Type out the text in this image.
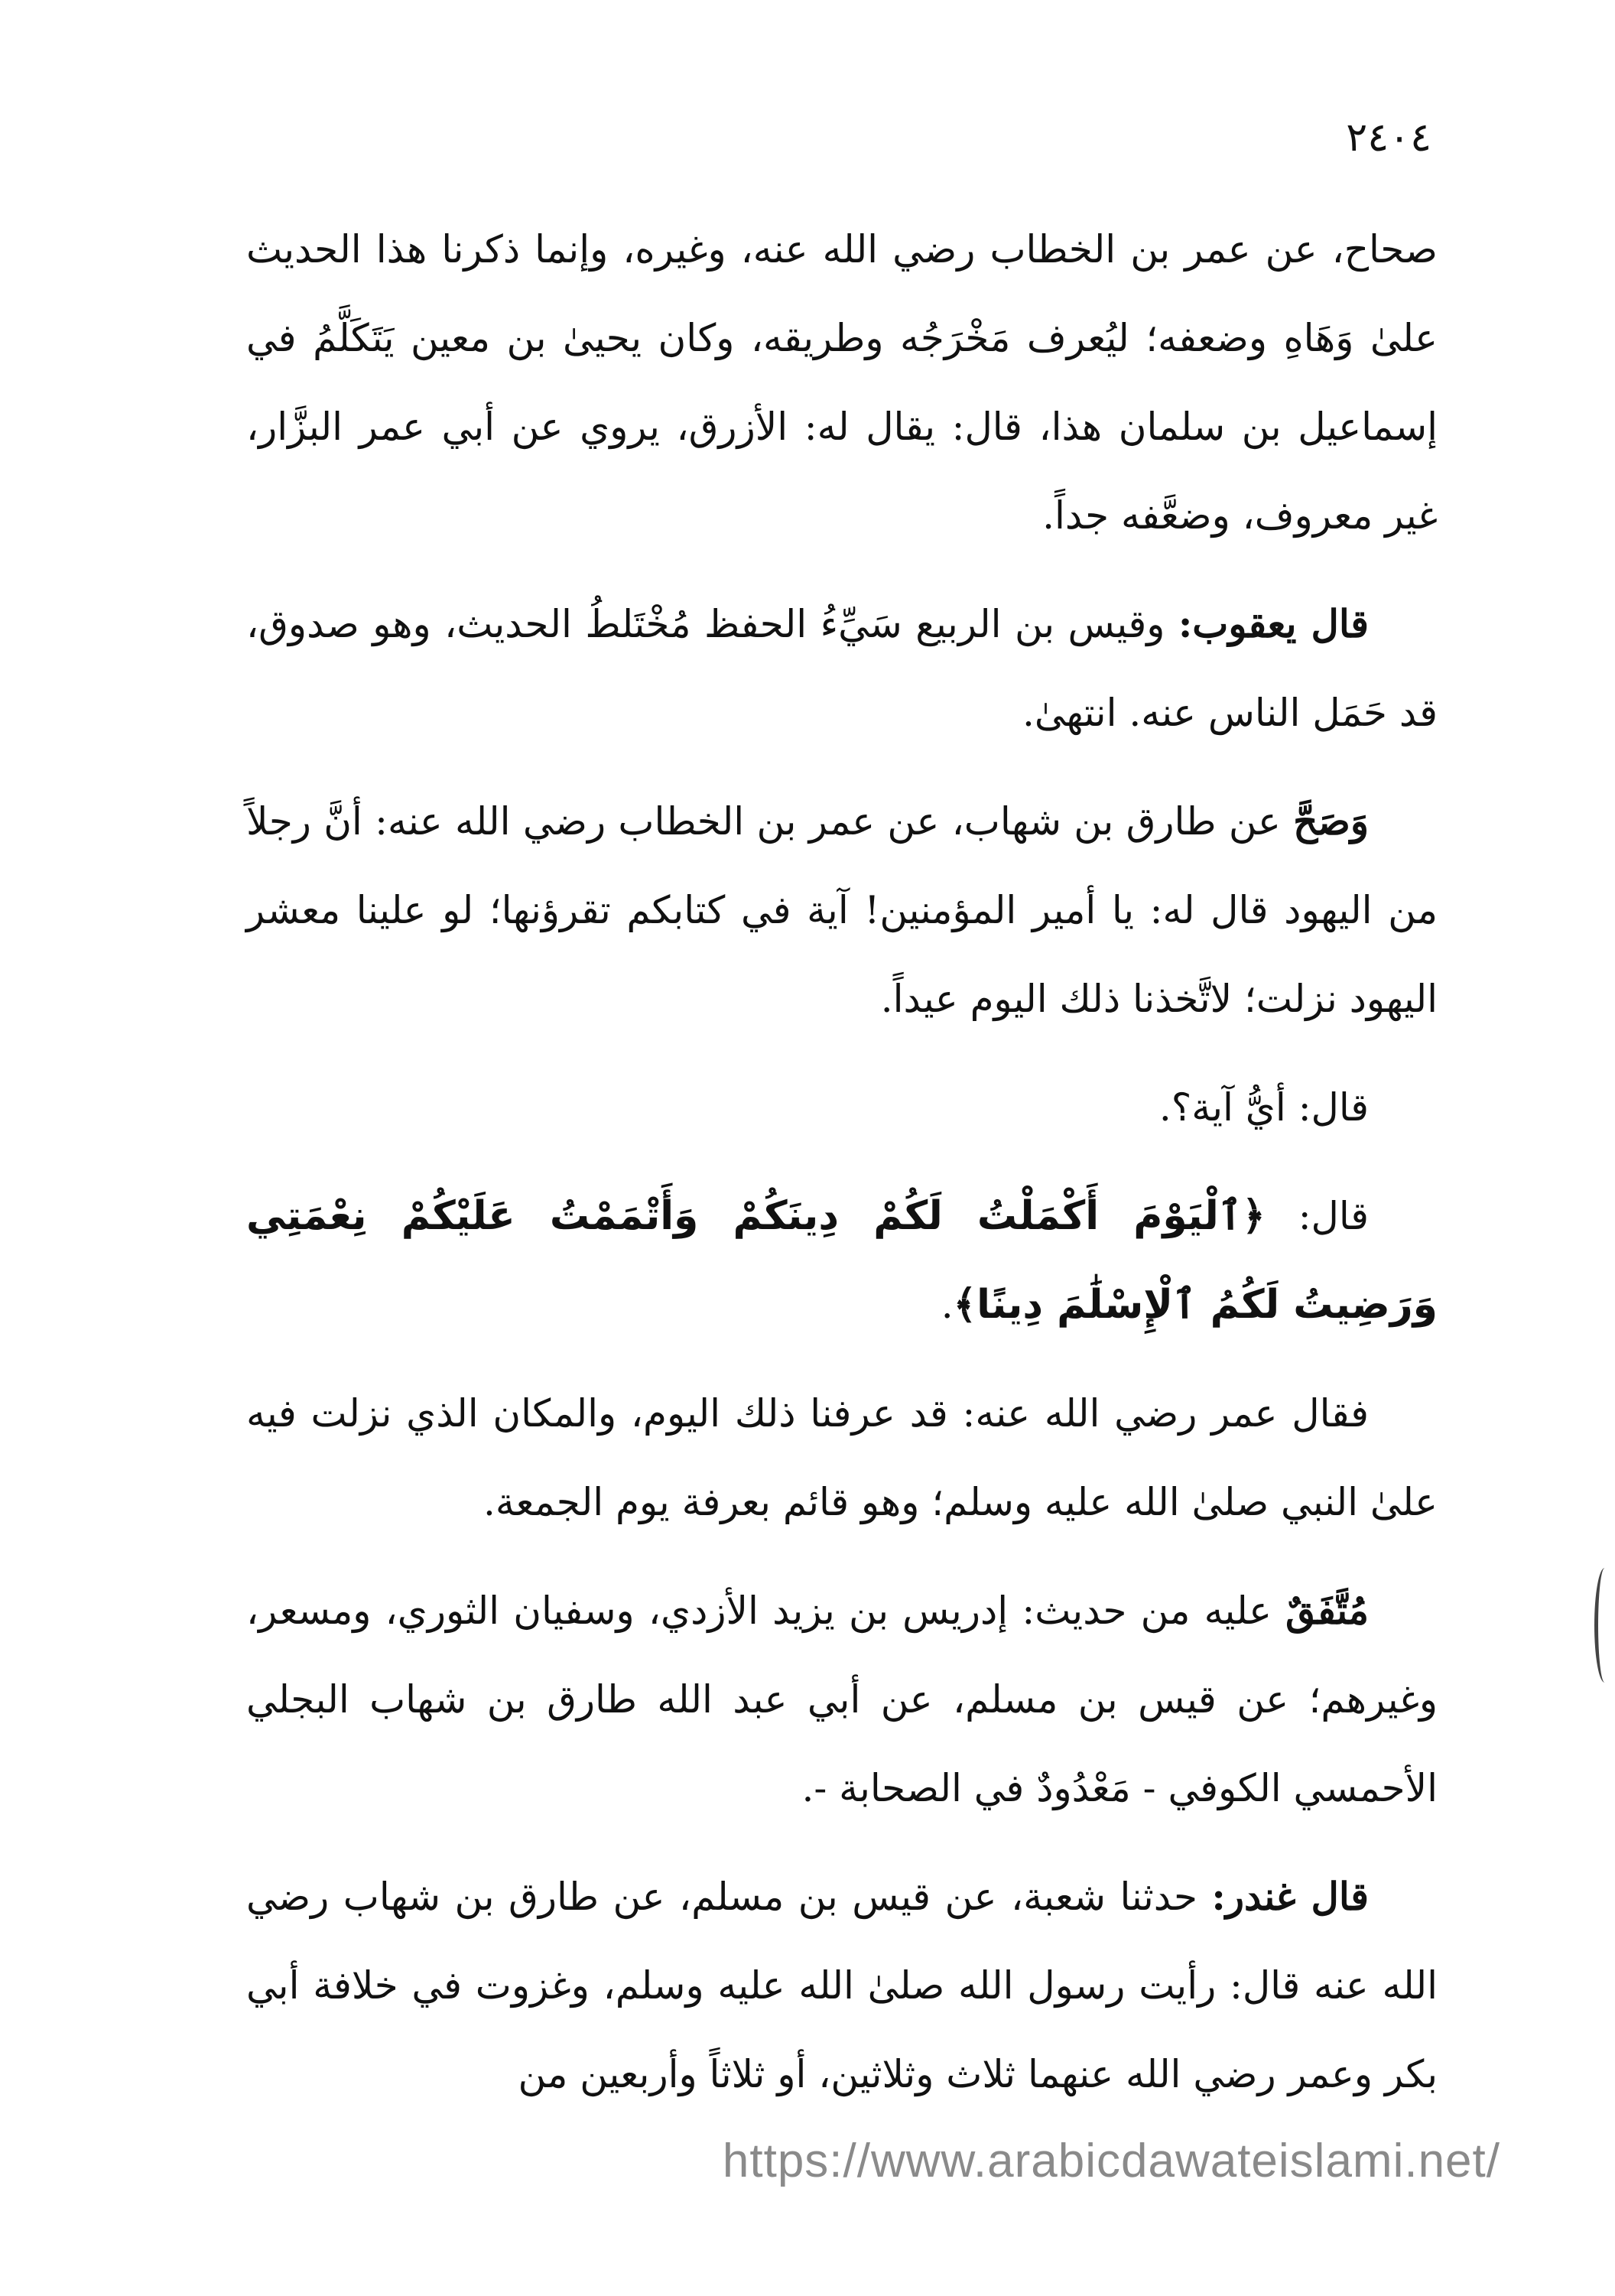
٢٤٠٤

صحاح، عن عمر بن الخطاب رضي الله عنه، وغيره، وإنما ذكرنا هذا الحديث علىٰ وَهَاهِ وضعفه؛ ليُعرف مَخْرَجُه وطريقه، وكان يحيىٰ بن معين يَتَكَلَّمُ في إسماعيل بن سلمان هذا، قال: يقال له: الأزرق، يروي عن أبي عمر البزَّار، غير معروف، وضعَّفه جداً.

قال يعقوب: وقيس بن الربيع سَيِّءُ الحفظ مُخْتَلطُ الحديث، وهو صدوق، قد حَمَل الناس عنه. انتهىٰ.

وَصَحَّ عن طارق بن شهاب، عن عمر بن الخطاب رضي الله عنه: أنَّ رجلاً من اليهود قال له: يا أمير المؤمنين! آية في كتابكم تقرؤنها؛ لو علينا معشر اليهود نزلت؛ لاتَّخذنا ذلك اليوم عيداً.

قال: أيُّ آية؟.

قال: ﴿ٱلْيَوْمَ أَكْمَلْتُ لَكُمْ دِينَكُمْ وَأَتْمَمْتُ عَلَيْكُمْ نِعْمَتِي وَرَضِيتُ لَكُمُ ٱلْإِسْلَٰمَ دِينًا﴾.

فقال عمر رضي الله عنه: قد عرفنا ذلك اليوم، والمكان الذي نزلت فيه علىٰ النبي صلىٰ الله عليه وسلم؛ وهو قائم بعرفة يوم الجمعة.

مُتَّفَقٌ عليه من حديث: إدريس بن يزيد الأزدي، وسفيان الثوري، ومسعر، وغيرهم؛ عن قيس بن مسلم، عن أبي عبد الله طارق بن شهاب البجلي الأحمسي الكوفي - مَعْدُودٌ في الصحابة -.

قال غندر: حدثنا شعبة، عن قيس بن مسلم، عن طارق بن شهاب رضي الله عنه قال: رأيت رسول الله صلىٰ الله عليه وسلم، وغزوت في خلافة أبي بكر وعمر رضي الله عنهما ثلاث وثلاثين، أو ثلاثاً وأربعين من

https://www.arabicdawateislami.net/
